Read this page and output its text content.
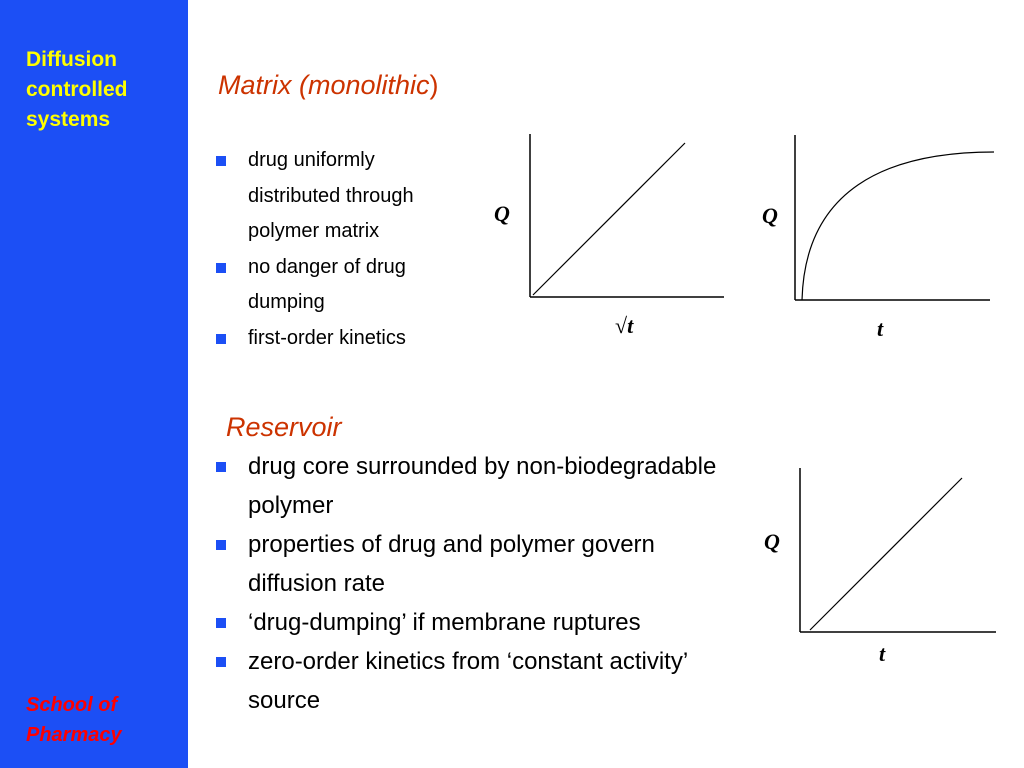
Diffusion
controlled
systems
School of
Pharmacy
Matrix (monolithic)
drug uniformly distributed through polymer matrix
no danger of drug dumping
first-order kinetics
Q
√t
Q
t
Reservoir
drug core surrounded by non-biodegradable polymer
properties of drug and polymer govern diffusion rate
‘drug-dumping’ if membrane ruptures
zero-order kinetics from ‘constant activity’ source
Q
t
